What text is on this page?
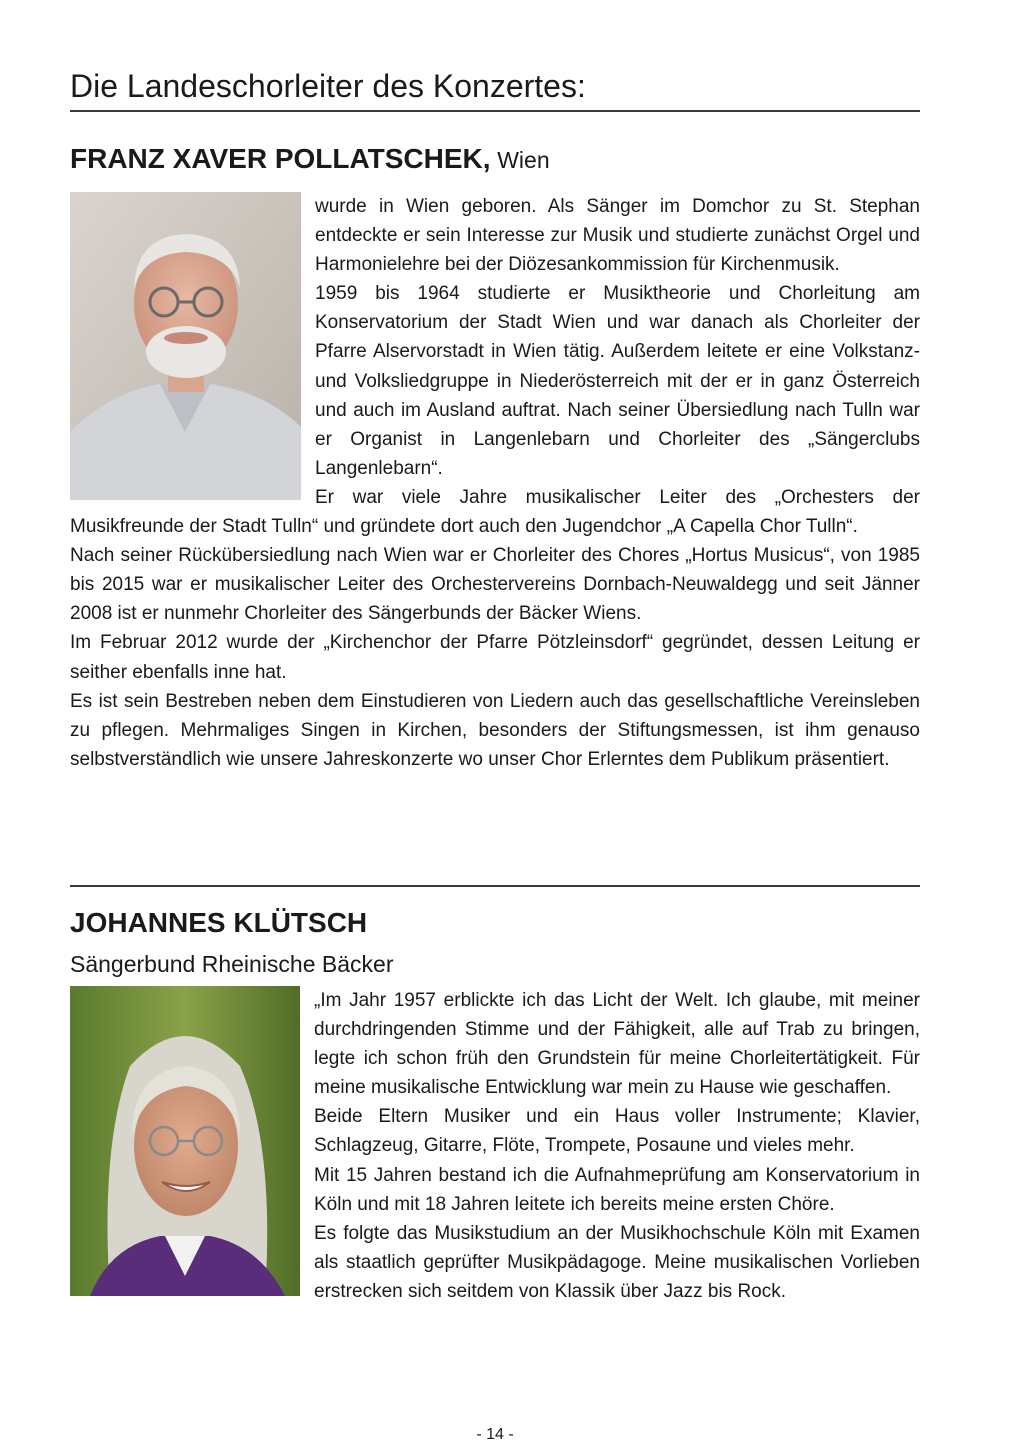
Die Landeschorleiter des Konzertes:
FRANZ XAVER POLLATSCHEK, Wien

wurde in Wien geboren. Als Sänger im Domchor zu St. Stephan entdeckte er sein Interesse zur Musik und studierte zunächst Orgel und Harmonielehre bei der Diözesankommission für Kirchenmusik.

1959 bis 1964 studierte er Musiktheorie und Chorleitung am Konservatorium der Stadt Wien und war danach als Chorleiter der Pfarre Alservorstadt in Wien tätig. Außerdem leitete er eine Volkstanz- und Volksliedgruppe in Niederösterreich mit der er in ganz Österreich und auch im Ausland auftrat. Nach seiner Übersiedlung nach Tulln war er Organist in Langenlebarn und Chorleiter des „Sängerclubs Langenlebarn“.

Er war viele Jahre musikalischer Leiter des „Orchesters der Musikfreunde der Stadt Tulln“ und gründete dort auch den Jugendchor „A Capella Chor Tulln“.

Nach seiner Rückübersiedlung nach Wien war er Chorleiter des Chores „Hortus Musicus“, von 1985 bis 2015 war er musikalischer Leiter des Orchestervereins Dornbach-Neuwaldegg und seit Jänner 2008 ist er nunmehr Chorleiter des Sängerbunds der Bäcker Wiens.

Im Februar 2012 wurde der „Kirchenchor der Pfarre Pötzleinsdorf“ gegründet, dessen Leitung er seither ebenfalls inne hat.

Es ist sein Bestreben neben dem Einstudieren von Liedern auch das gesellschaftliche Vereinsleben zu pflegen. Mehrmaliges Singen in Kirchen, besonders der Stiftungsmessen, ist ihm genauso selbstverständlich wie unsere Jahreskonzerte wo unser Chor Erlerntes dem Publikum präsentiert.

JOHANNES KLÜTSCH
Sängerbund Rheinische Bäcker

„Im Jahr 1957 erblickte ich das Licht der Welt. Ich glaube, mit meiner durchdringenden Stimme und der Fähigkeit, alle auf Trab zu bringen, legte ich schon früh den Grundstein für meine Chorleitertätigkeit. Für meine musikalische Entwicklung war mein zu Hause wie geschaffen.

Beide Eltern Musiker und ein Haus voller Instrumente; Klavier, Schlagzeug, Gitarre, Flöte, Trompete, Posaune und vieles mehr.

Mit 15 Jahren bestand ich die Aufnahmeprüfung am Konservatorium in Köln und mit 18 Jahren leitete ich bereits meine ersten Chöre.

Es folgte das Musikstudium an der Musikhochschule Köln mit Examen als staatlich geprüfter Musikpädagoge. Meine musikalischen Vorlieben erstrecken sich seitdem von Klassik über Jazz bis Rock.

- 14 -
